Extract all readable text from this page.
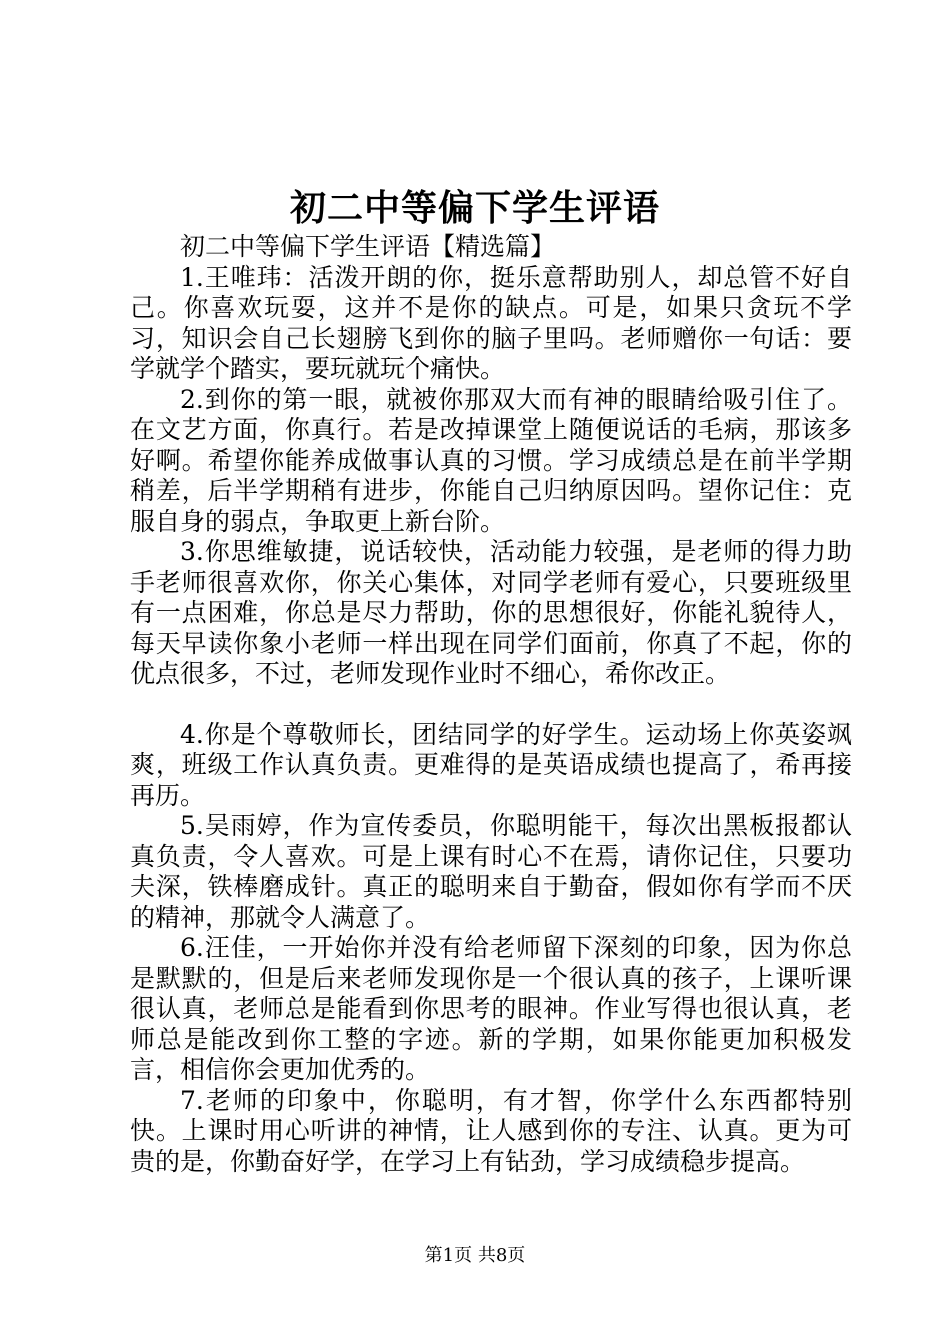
初二中等偏下学生评语

初二中等偏下学生评语【精选篇】

1.王唯玮：活泼开朗的你，挺乐意帮助别人，却总管不好自己。你喜欢玩耍，这并不是你的缺点。可是，如果只贪玩不学习，知识会自己长翅膀飞到你的脑子里吗。老师赠你一句话：要学就学个踏实，要玩就玩个痛快。

2.到你的第一眼，就被你那双大而有神的眼睛给吸引住了。在文艺方面，你真行。若是改掉课堂上随便说话的毛病，那该多好啊。希望你能养成做事认真的习惯。学习成绩总是在前半学期稍差，后半学期稍有进步，你能自己归纳原因吗。望你记住：克服自身的弱点，争取更上新台阶。

3.你思维敏捷，说话较快，活动能力较强，是老师的得力助手老师很喜欢你，你关心集体，对同学老师有爱心，只要班级里有一点困难，你总是尽力帮助，你的思想很好，你能礼貌待人，每天早读你象小老师一样出现在同学们面前，你真了不起，你的优点很多，不过，老师发现作业时不细心，希你改正。

4.你是个尊敬师长，团结同学的好学生。运动场上你英姿飒爽，班级工作认真负责。更难得的是英语成绩也提高了，希再接再历。

5.吴雨婷，作为宣传委员，你聪明能干，每次出黑板报都认真负责，令人喜欢。可是上课有时心不在焉，请你记住，只要功夫深，铁棒磨成针。真正的聪明来自于勤奋，假如你有学而不厌的精神，那就令人满意了。

6.汪佳，一开始你并没有给老师留下深刻的印象，因为你总是默默的，但是后来老师发现你是一个很认真的孩子，上课听课很认真，老师总是能看到你思考的眼神。作业写得也很认真，老师总是能改到你工整的字迹。新的学期，如果你能更加积极发言，相信你会更加优秀的。

7.老师的印象中，你聪明，有才智，你学什么东西都特别快。上课时用心听讲的神情，让人感到你的专注、认真。更为可贵的是，你勤奋好学，在学习上有钻劲，学习成绩稳步提高。

第1页 共8页
